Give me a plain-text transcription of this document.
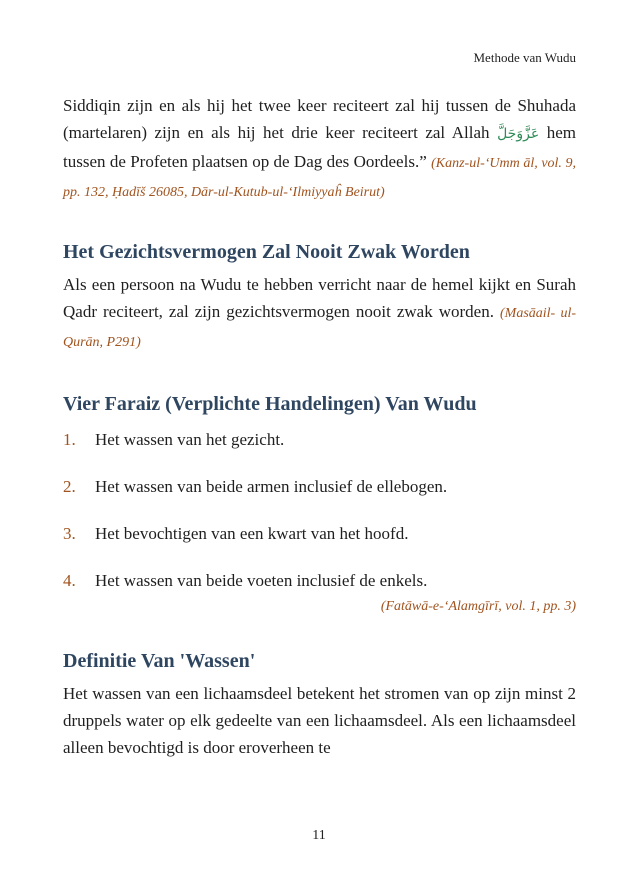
Methode van Wudu

Siddiqin zijn en als hij het twee keer reciteert zal hij tussen de Shuhada (martelaren) zijn en als hij het drie keer reciteert zal Allah عَزَّوَجَلَّ hem tussen de Profeten plaatsen op de Dag des Oordeels.” (Kanz-ul-‘Umm āl, vol. 9, pp. 132, Ḥadīš 26085, Dār-ul-Kutub-ul-‘Ilmiyyaĥ Beirut)

Het Gezichtsvermogen Zal Nooit Zwak Worden

Als een persoon na Wudu te hebben verricht naar de hemel kijkt en Surah Qadr reciteert, zal zijn gezichtsvermogen nooit zwak worden. (Masāail- ul-Qurān, P291)

Vier Faraiz (Verplichte Handelingen) Van Wudu
1.	Het wassen van het gezicht.
2.	Het wassen van beide armen inclusief de ellebogen.
3.	Het bevochtigen van een kwart van het hoofd.
4.	Het wassen van beide voeten inclusief de enkels.
(Fatāwā-e-‘Alamgīrī, vol. 1, pp. 3)
Definitie Van 'Wassen'

Het wassen van een lichaamsdeel betekent het stromen van op zijn minst 2 druppels water op elk gedeelte van een lichaamsdeel. Als een lichaamsdeel alleen bevochtigd is door eroverheen te

11
